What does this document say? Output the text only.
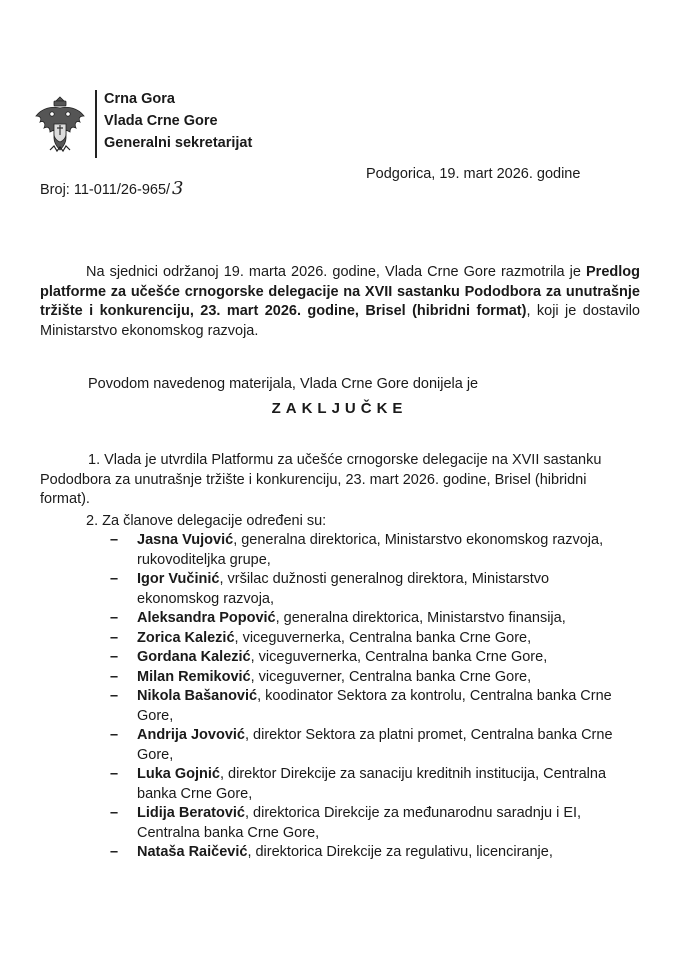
Crna Gora
Vlada Crne Gore
Generalni sekretarijat
Broj: 11-011/26-965/ 3
Podgorica, 19. mart 2026. godine
Na sjednici održanoj 19. marta 2026. godine, Vlada Crne Gore razmotrila je Predlog platforme za učešće crnogorske delegacije na XVII sastanku Pododbora za unutrašnje tržište i konkurenciju, 23. mart 2026. godine, Brisel (hibridni format), koji je dostavilo Ministarstvo ekonomskog razvoja.
Povodom navedenog materijala, Vlada Crne Gore donijela je
ZAKLJUČKE
1. Vlada je utvrdila Platformu za učešće crnogorske delegacije na XVII sastanku Pododbora za unutrašnje tržište i konkurenciju, 23. mart 2026. godine, Brisel (hibridni format).
2. Za članove delegacije određeni su:
– Jasna Vujović, generalna direktorica, Ministarstvo ekonomskog razvoja, rukovoditeljka grupe,
– Igor Vučinić, vršilac dužnosti generalnog direktora, Ministarstvo ekonomskog razvoja,
– Aleksandra Popović, generalna direktorica, Ministarstvo finansija,
– Zorica Kalezić, viceguvernerka, Centralna banka Crne Gore,
– Gordana Kalezić, viceguvernerka, Centralna banka Crne Gore,
– Milan Remiković, viceguverner, Centralna banka Crne Gore,
– Nikola Bašanović, koodinator Sektora za kontrolu, Centralna banka Crne Gore,
– Andrija Jovović, direktor Sektora za platni promet, Centralna banka Crne Gore,
– Luka Gojnić, direktor Direkcije za sanaciju kreditnih institucija, Centralna banka Crne Gore,
– Lidija Beratović, direktorica Direkcije za međunarodnu saradnju i EI, Centralna banka Crne Gore,
– Nataša Raičević, direktorica Direkcije za regulativu, licenciranje,
